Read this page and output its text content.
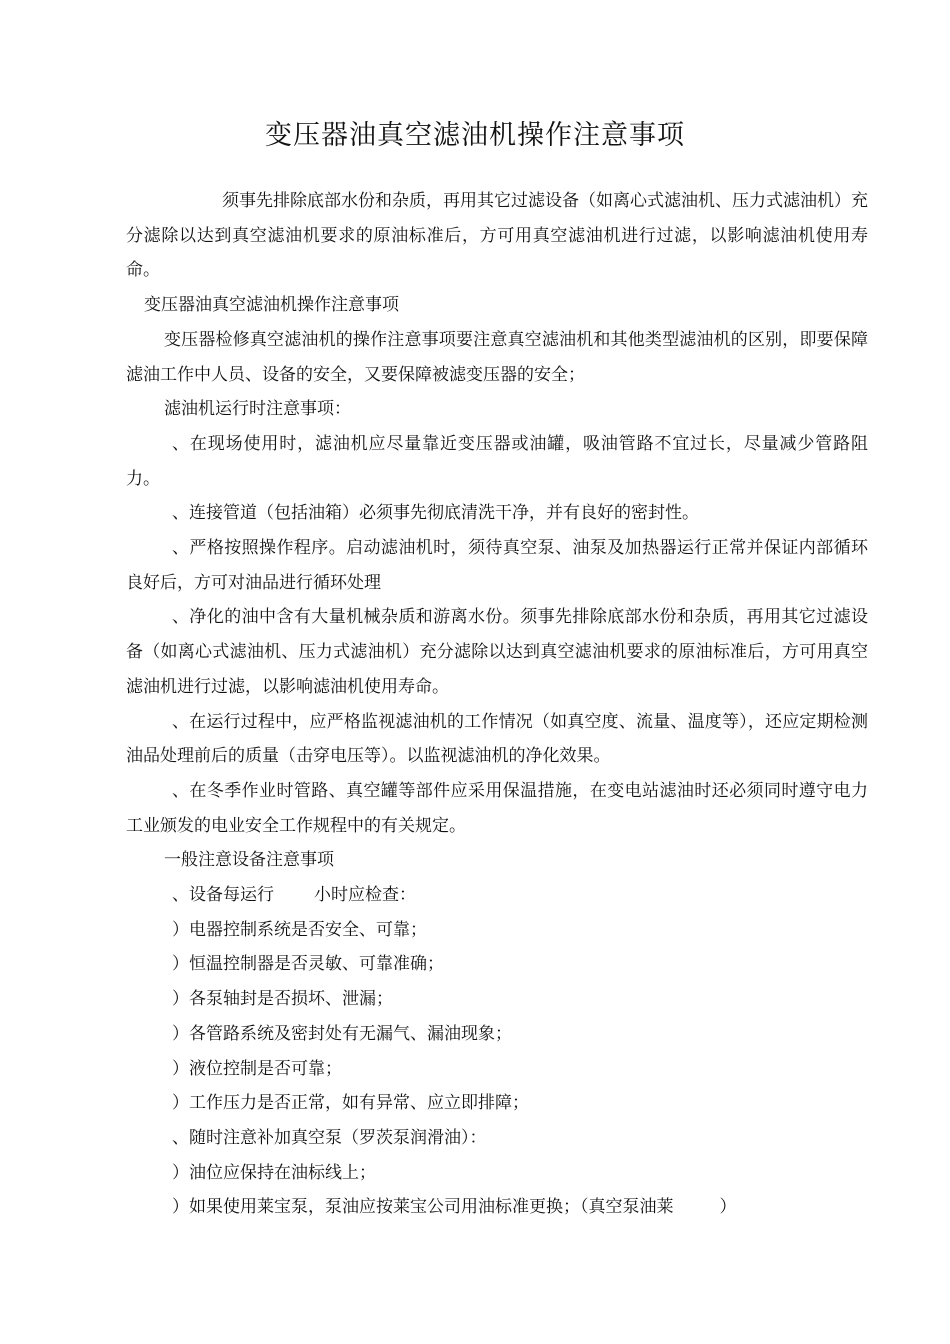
变压器油真空滤油机操作注意事项

须事先排除底部水份和杂质，再用其它过滤设备（如离心式滤油机、压力式滤油机）充分滤除以达到真空滤油机要求的原油标准后，方可用真空滤油机进行过滤，以影响滤油机使用寿命。

变压器油真空滤油机操作注意事项

变压器检修真空滤油机的操作注意事项要注意真空滤油机和其他类型滤油机的区别，即要保障滤油工作中人员、设备的安全，又要保障被滤变压器的安全；

滤油机运行时注意事项：

、在现场使用时，滤油机应尽量靠近变压器或油罐，吸油管路不宜过长，尽量减少管路阻力。

、连接管道（包括油箱）必须事先彻底清洗干净，并有良好的密封性。

、严格按照操作程序。启动滤油机时，须待真空泵、油泵及加热器运行正常并保证内部循环良好后，方可对油品进行循环处理

、净化的油中含有大量机械杂质和游离水份。须事先排除底部水份和杂质，再用其它过滤设备（如离心式滤油机、压力式滤油机）充分滤除以达到真空滤油机要求的原油标准后，方可用真空滤油机进行过滤，以影响滤油机使用寿命。

、在运行过程中，应严格监视滤油机的工作情况（如真空度、流量、温度等），还应定期检测油品处理前后的质量（击穿电压等）。以监视滤油机的净化效果。

、在冬季作业时管路、真空罐等部件应采用保温措施，在变电站滤油时还必须同时遵守电力工业颁发的电业安全工作规程中的有关规定。

一般注意设备注意事项

、设备每运行 小时应检查：

）电器控制系统是否安全、可靠；

）恒温控制器是否灵敏、可靠准确；

）各泵轴封是否损坏、泄漏；

）各管路系统及密封处有无漏气、漏油现象；

）液位控制是否可靠；

）工作压力是否正常，如有异常、应立即排障；

、随时注意补加真空泵（罗茨泵润滑油）：

）油位应保持在油标线上；

）如果使用莱宝泵，泵油应按莱宝公司用油标准更换；（真空泵油莱	）
